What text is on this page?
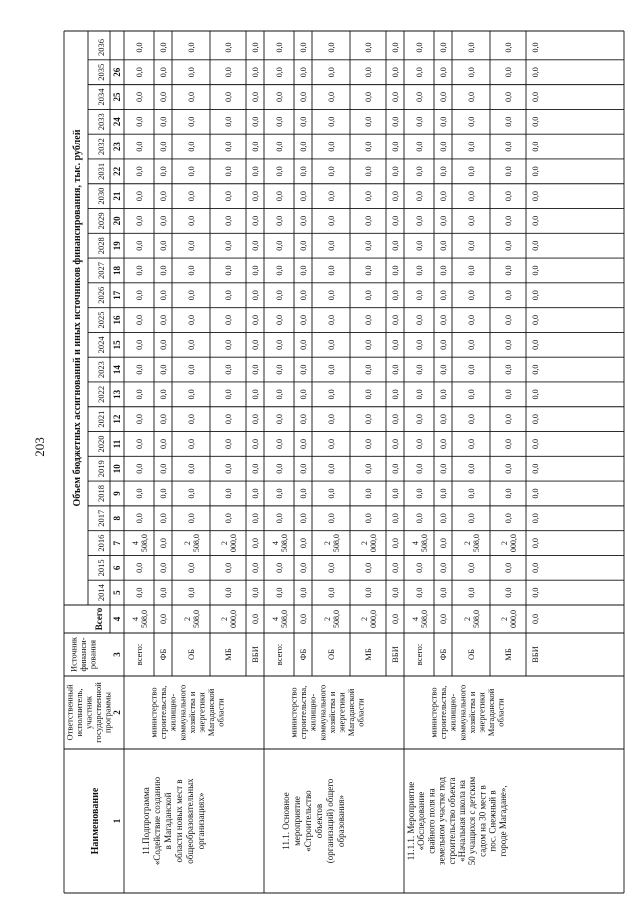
203
Наименование
Ответственный исполнитель, участник государственной программы
Источник финанси- рования
Всего
Объем бюджетных ассигнований и иных источников финансирования, тыс. рублей
2014
2015
2016
2017
2018
2019
2020
2021
2022
2023
2024
2025
2026
2027
2028
2029
2030
2031
2032
2033
2034
2035
2036
1
2
3
4
5
6
7
8
9
10
11
12
13
14
15
16
17
18
19
20
21
22
23
24
25
26
11.Подпрограмма «Содействие созданию в Магаданской области новых мест в общеобразовательных организациях»
министерство строительства, жилищно- коммунального хозяйства и энергетики Магаданской области
всего:
4 508,0
0,0
0,0
4 508,0
0,0
0,0
0,0
0,0
0,0
0,0
0,0
0,0
0,0
0,0
0,0
0,0
0,0
0,0
0,0
0,0
0,0
0,0
0,0
0,0
ФБ
0,0
0,0
0,0
0,0
0,0
0,0
0,0
0,0
0,0
0,0
0,0
0,0
0,0
0,0
0,0
0,0
0,0
0,0
0,0
0,0
0,0
0,0
0,0
0,0
ОБ
2 508,0
0,0
0,0
2 508,0
0,0
0,0
0,0
0,0
0,0
0,0
0,0
0,0
0,0
0,0
0,0
0,0
0,0
0,0
0,0
0,0
0,0
0,0
0,0
0,0
МБ
2 000,0
0,0
0,0
2 000,0
0,0
0,0
0,0
0,0
0,0
0,0
0,0
0,0
0,0
0,0
0,0
0,0
0,0
0,0
0,0
0,0
0,0
0,0
0,0
0,0
ВБИ
0,0
0,0
0,0
0,0
0,0
0,0
0,0
0,0
0,0
0,0
0,0
0,0
0,0
0,0
0,0
0,0
0,0
0,0
0,0
0,0
0,0
0,0
0,0
0,0
11.1. Основное мероприятие «Строительство объектов (организаций) общего образования»
министерство строительства, жилищно- коммунального хозяйства и энергетики Магаданской области
всего:
4 508,0
0,0
0,0
4 508,0
0,0
0,0
0,0
0,0
0,0
0,0
0,0
0,0
0,0
0,0
0,0
0,0
0,0
0,0
0,0
0,0
0,0
0,0
0,0
0,0
ФБ
0,0
0,0
0,0
0,0
0,0
0,0
0,0
0,0
0,0
0,0
0,0
0,0
0,0
0,0
0,0
0,0
0,0
0,0
0,0
0,0
0,0
0,0
0,0
0,0
ОБ
2 508,0
0,0
0,0
2 508,0
0,0
0,0
0,0
0,0
0,0
0,0
0,0
0,0
0,0
0,0
0,0
0,0
0,0
0,0
0,0
0,0
0,0
0,0
0,0
0,0
МБ
2 000,0
0,0
0,0
2 000,0
0,0
0,0
0,0
0,0
0,0
0,0
0,0
0,0
0,0
0,0
0,0
0,0
0,0
0,0
0,0
0,0
0,0
0,0
0,0
0,0
ВБИ
0,0
0,0
0,0
0,0
0,0
0,0
0,0
0,0
0,0
0,0
0,0
0,0
0,0
0,0
0,0
0,0
0,0
0,0
0,0
0,0
0,0
0,0
0,0
0,0
11.1.1. Мероприятие «Обследование свайного поля на земельном участке под строительство объекта «Начальная школа на 50 учащихся с детским садом на 30 мест в пос. Снежный в городе Магадане»,
министерство строительства, жилищно- коммунального хозяйства и энергетики Магаданской области
всего:
4 508,0
0,0
0,0
4 508,0
0,0
0,0
0,0
0,0
0,0
0,0
0,0
0,0
0,0
0,0
0,0
0,0
0,0
0,0
0,0
0,0
0,0
0,0
0,0
0,0
ФБ
0,0
0,0
0,0
0,0
0,0
0,0
0,0
0,0
0,0
0,0
0,0
0,0
0,0
0,0
0,0
0,0
0,0
0,0
0,0
0,0
0,0
0,0
0,0
0,0
ОБ
2 508,0
0,0
0,0
2 508,0
0,0
0,0
0,0
0,0
0,0
0,0
0,0
0,0
0,0
0,0
0,0
0,0
0,0
0,0
0,0
0,0
0,0
0,0
0,0
0,0
МБ
2 000,0
0,0
0,0
2 000,0
0,0
0,0
0,0
0,0
0,0
0,0
0,0
0,0
0,0
0,0
0,0
0,0
0,0
0,0
0,0
0,0
0,0
0,0
0,0
0,0
ВБИ
0,0
0,0
0,0
0,0
0,0
0,0
0,0
0,0
0,0
0,0
0,0
0,0
0,0
0,0
0,0
0,0
0,0
0,0
0,0
0,0
0,0
0,0
0,0
0,0
